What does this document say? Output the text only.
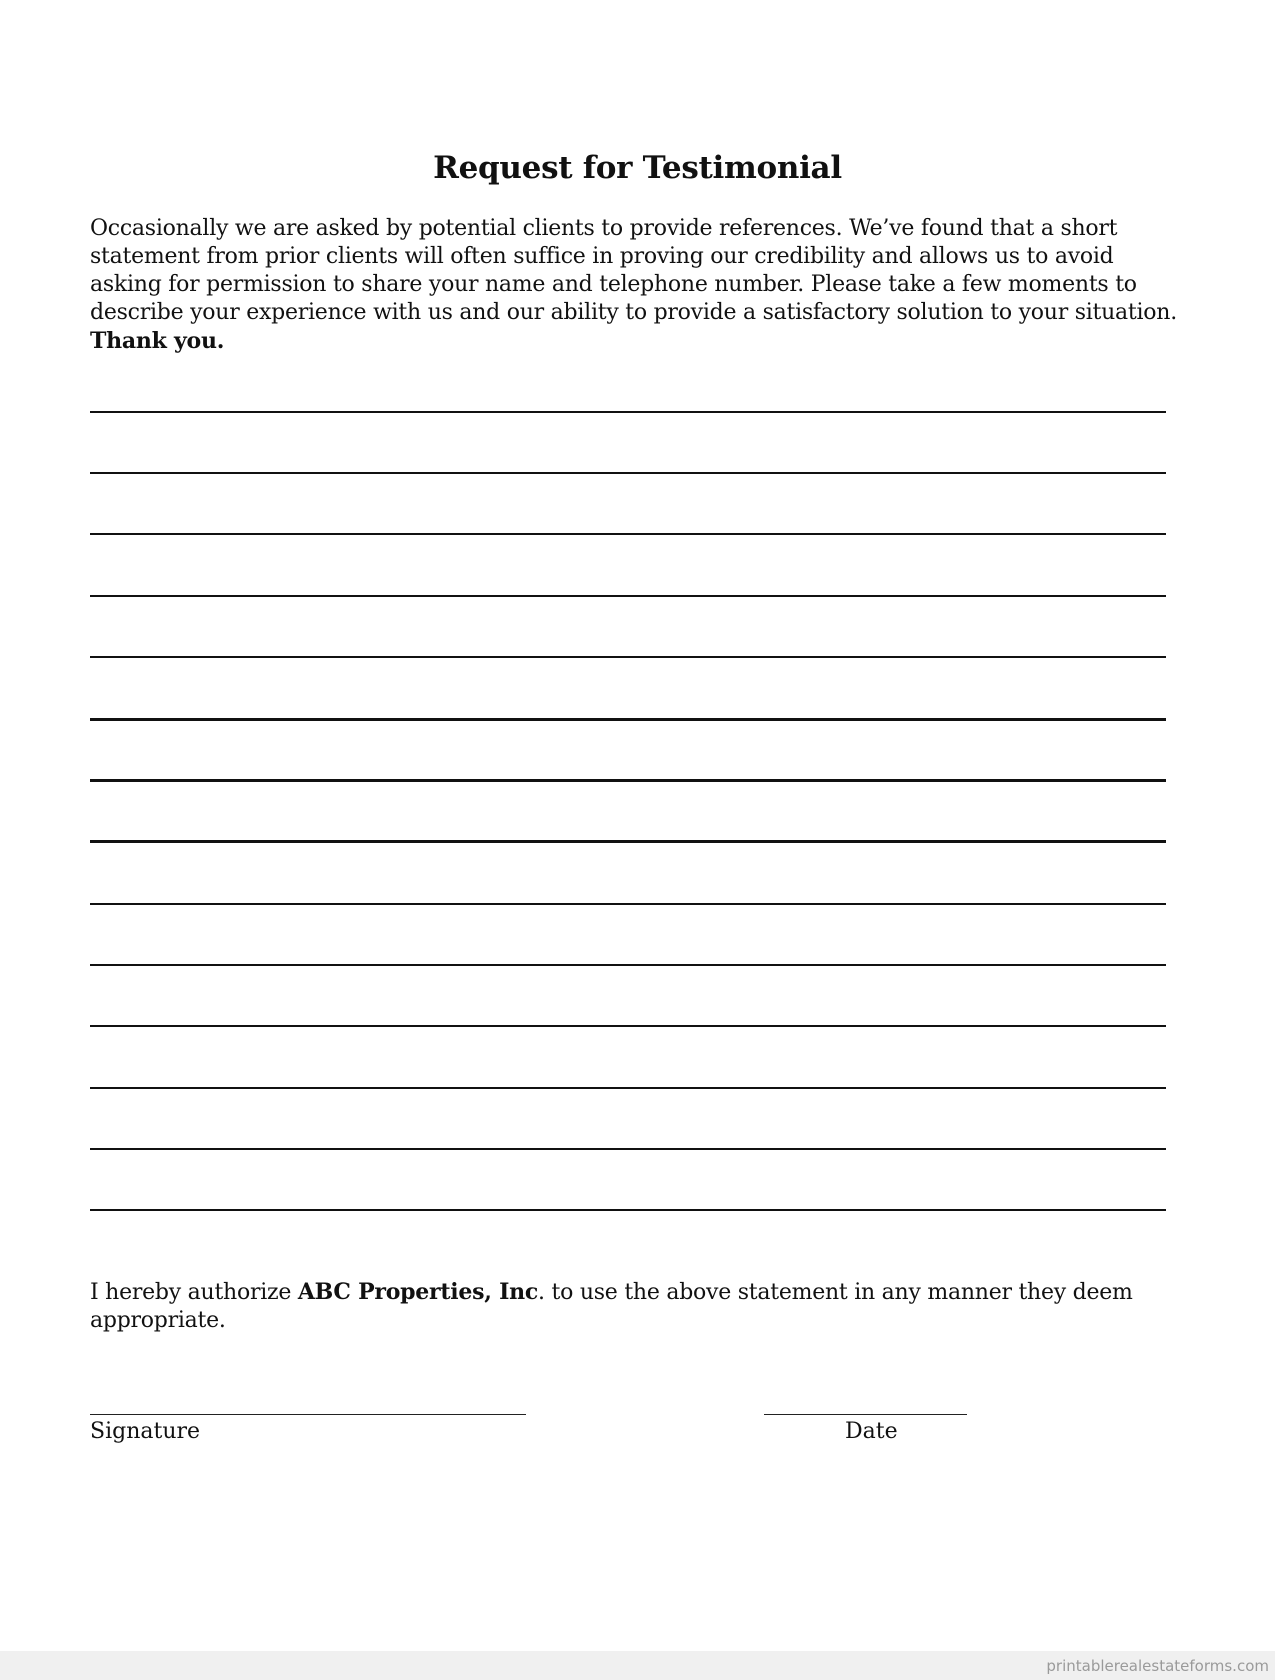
Request for Testimonial
Occasionally we are asked by potential clients to provide references. We’ve found that a short statement from prior clients will often suffice in proving our credibility and allows us to avoid asking for permission to share your name and telephone number. Please take a few moments to describe your experience with us and our ability to provide a satisfactory solution to your situation. Thank you.
I hereby authorize ABC Properties, Inc. to use the above statement in any manner they deem appropriate.
Signature	Date
printablerealestateforms.com
